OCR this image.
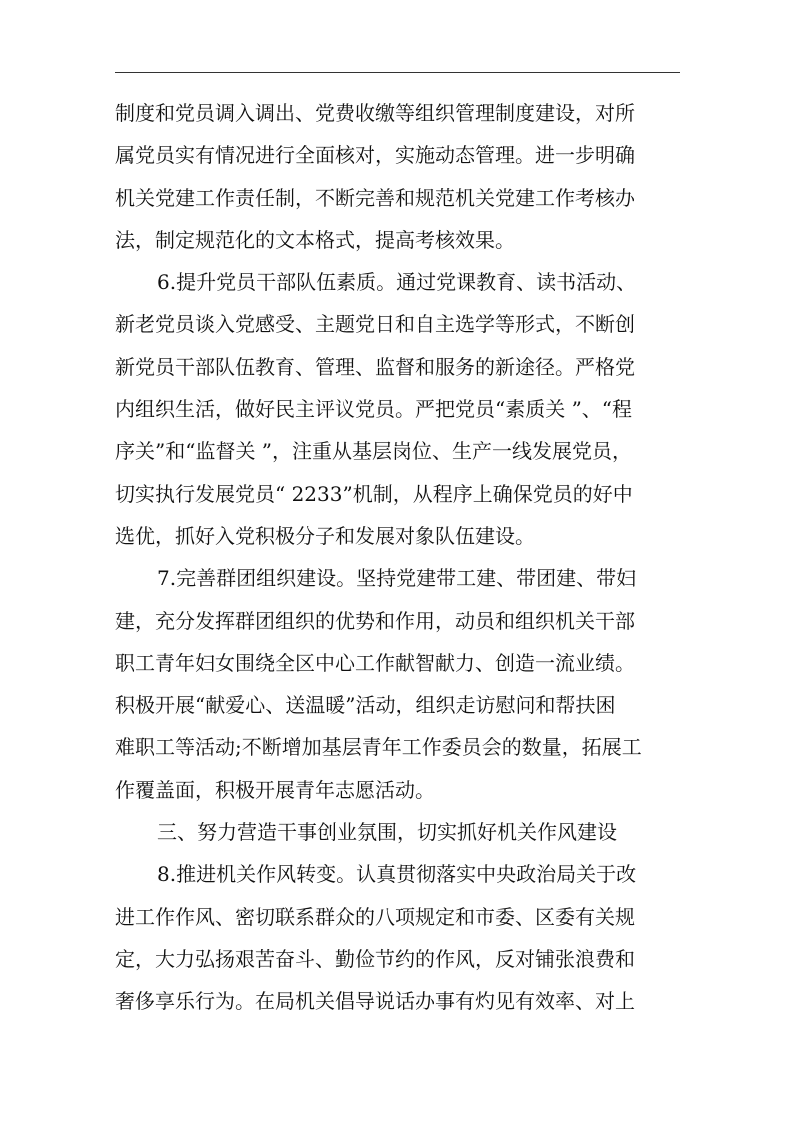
制度和党员调入调出、党费收缴等组织管理制度建设，对所
属党员实有情况进行全面核对，实施动态管理。进一步明确
机关党建工作责任制，不断完善和规范机关党建工作考核办
法，制定规范化的文本格式，提高考核效果。
6.提升党员干部队伍素质。通过党课教育、读书活动、
新老党员谈入党感受、主题党日和自主选学等形式，不断创
新党员干部队伍教育、管理、监督和服务的新途径。严格党
内组织生活，做好民主评议党员。严把党员“素质关 ”、“程
序关”和“监督关 ”，注重从基层岗位、生产一线发展党员，
切实执行发展党员“ 2233”机制，从程序上确保党员的好中
选优，抓好入党积极分子和发展对象队伍建设。
7.完善群团组织建设。坚持党建带工建、带团建、带妇
建，充分发挥群团组织的优势和作用，动员和组织机关干部
职工青年妇女围绕全区中心工作献智献力、创造一流业绩。
积极开展“献爱心、送温暖”活动，组织走访慰问和帮扶困
难职工等活动;不断增加基层青年工作委员会的数量，拓展工
作覆盖面，积极开展青年志愿活动。
三、努力营造干事创业氛围，切实抓好机关作风建设
8.推进机关作风转变。认真贯彻落实中央政治局关于改
进工作作风、密切联系群众的八项规定和市委、区委有关规
定，大力弘扬艰苦奋斗、勤俭节约的作风，反对铺张浪费和
奢侈享乐行为。在局机关倡导说话办事有灼见有效率、对上
